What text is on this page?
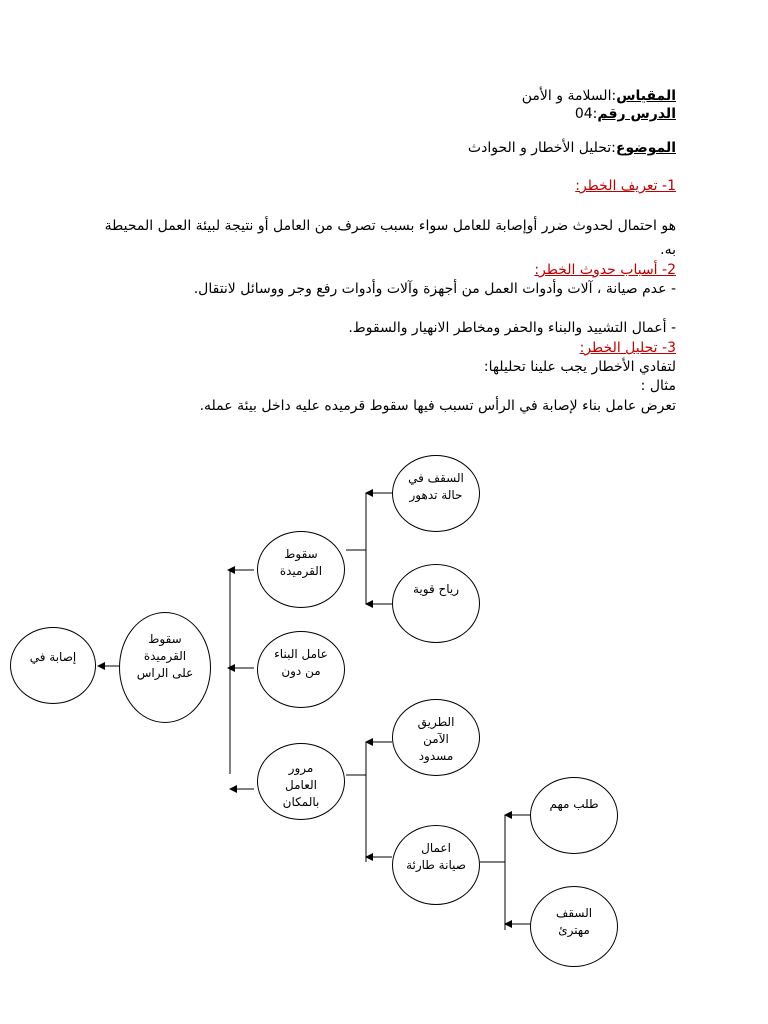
المقياس:السلامة و الأمن
الدرس رقم:04
الموضوع:تحليل الأخطار و الحوادث
1- تعريف الخطر:
هو احتمال لحدوث ضرر أوإصابة للعامل سواء بسبب تصرف من العامل أو نتيجة لبيئة العمل المحيطة به.
2- أسباب حدوث الخطر:
- عدم صيانة ، آلات وأدوات العمل من أجهزة وآلات وأدوات رفع وجر ووسائل لانتقال.
- أعمال التشييد والبناء والحفر ومخاطر الانهيار والسقوط.
3- تحليل الخطر:
لتفادي الأخطار يجب علينا تحليلها:
مثال :
تعرض عامل بناء لإصابة في الرأس تسبب فيها سقوط قرميده عليه داخل بيئة عمله.
إصابة في
سقوط القرميدة على الراس
سقوط القرميدة
عامل البناء من دون
مرور العامل بالمكان
السقف في حالة تدهور
رياح قوية
الطريق الآمن مسدود
اعمال صيانة طارئة
طلب مهم
السقف مهترئ
